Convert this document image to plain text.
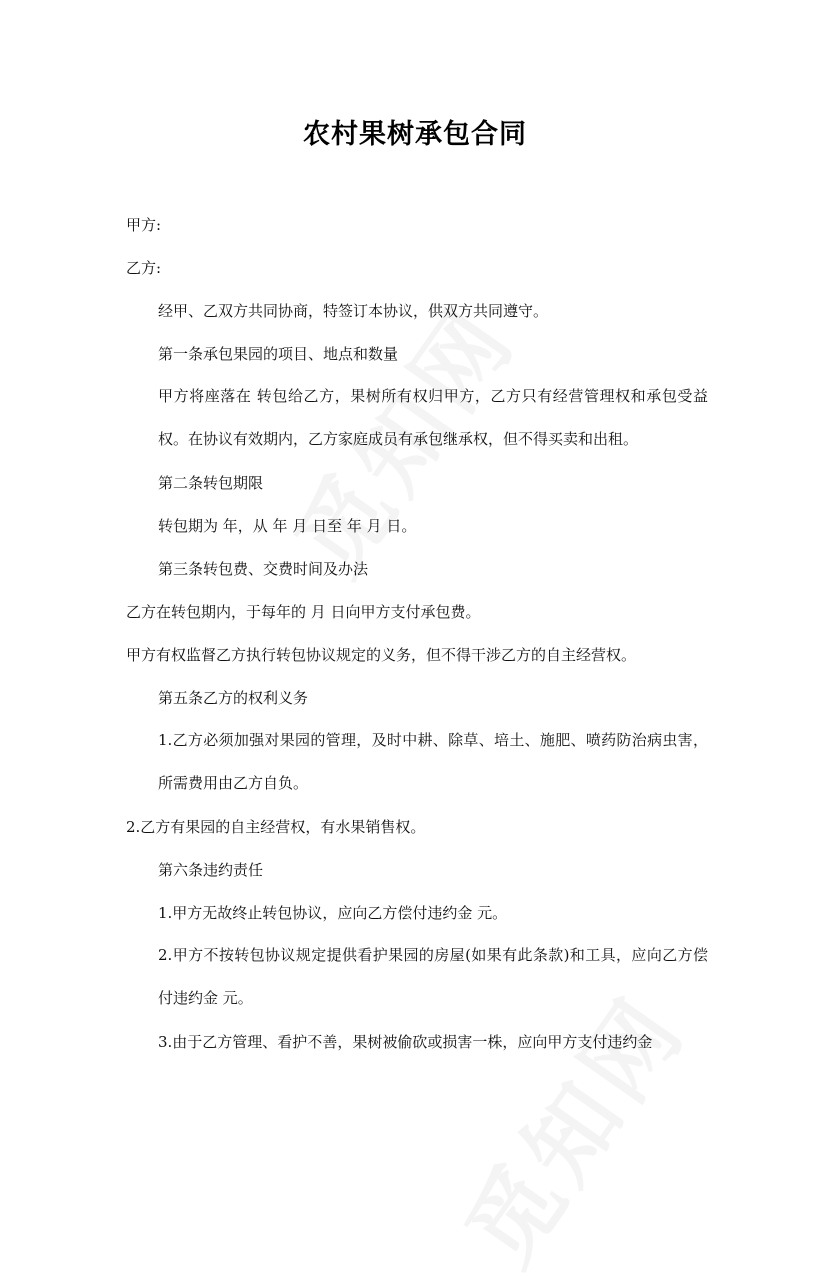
农村果树承包合同

甲方:

乙方:

经甲、乙双方共同协商，特签订本协议，供双方共同遵守。

第一条承包果园的项目、地点和数量

甲方将座落在 转包给乙方，果树所有权归甲方，乙方只有经营管理权和承包受益权。在协议有效期内，乙方家庭成员有承包继承权，但不得买卖和出租。

第二条转包期限

转包期为 年，从 年 月 日至 年 月 日。

第三条转包费、交费时间及办法

乙方在转包期内，于每年的 月 日向甲方支付承包费。

甲方有权监督乙方执行转包协议规定的义务，但不得干涉乙方的自主经营权。

第五条乙方的权利义务

1.乙方必须加强对果园的管理，及时中耕、除草、培土、施肥、喷药防治病虫害，所需费用由乙方自负。

2.乙方有果园的自主经营权，有水果销售权。

第六条违约责任

1.甲方无故终止转包协议，应向乙方偿付违约金 元。

2.甲方不按转包协议规定提供看护果园的房屋(如果有此条款)和工具，应向乙方偿付违约金 元。

3.由于乙方管理、看护不善，果树被偷砍或损害一株，应向甲方支付违约金
